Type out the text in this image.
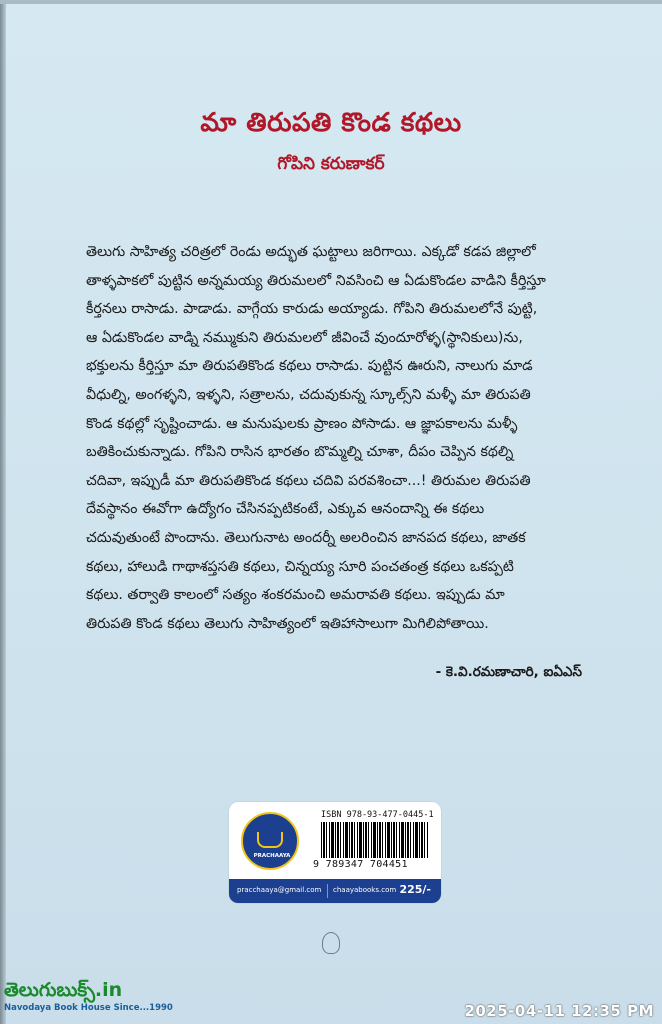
మా తిరుపతి కొండ కథలు
గోపిని కరుణాకర్
తెలుగు సాహిత్య చరిత్రలో రెండు అద్భుత ఘట్టాలు జరిగాయి. ఎక్కడో కడప జిల్లాలో
తాళ్ళపాకలో పుట్టిన అన్నమయ్య తిరుమలలో నివసించి ఆ ఏడుకొండల వాడిని కీర్తిస్తూ
కీర్తనలు రాసాడు. పాడాడు. వాగ్గేయ కారుడు అయ్యాడు. గోపిని తిరుమలలోనే పుట్టి,
ఆ ఏడుకొండల వాడ్ని నమ్ముకుని తిరుమలలో జీవించే వుందూరోళ్ళ(స్థానికులు)ను,
భక్తులను కీర్తిస్తూ మా తిరుపతికొండ కథలు రాసాడు. పుట్టిన ఊరుని, నాలుగు మాడ
వీధుల్ని, అంగళ్ళని, ఇళ్ళని, సత్రాలను, చదువుకున్న స్కూల్స్‌ని మళ్ళీ మా తిరుపతి
కొండ కథల్లో సృష్టించాడు. ఆ మనుషులకు ప్రాణం పోసాడు. ఆ జ్ఞాపకాలను మళ్ళీ
బతికించుకున్నాడు. గోపిని రాసిన భారతం బొమ్మల్ని చూశా, దీపం చెప్పిన కథల్ని
చదివా, ఇప్పుడీ మా తిరుపతికొండ కథలు చదివి పరవశించా...! తిరుమల తిరుపతి
దేవస్థానం ఈవోగా ఉద్యోగం చేసినప్పటికంటే, ఎక్కువ ఆనందాన్ని ఈ కథలు
చదువుతుంటే పొందాను. తెలుగునాట అందర్నీ అలరించిన జానపద కథలు, జాతక
కథలు, హాలుడి గాథాశప్తసతి కథలు, చిన్నయ్య సూరి పంచతంత్ర కథలు ఒకప్పటి
కథలు. తర్వాతి కాలంలో సత్యం శంకరమంచి అమరావతి కథలు. ఇప్పుడు మా
తిరుపతి కొండ కథలు తెలుగు సాహిత్యంలో ఇతిహాసాలుగా మిగిలిపోతాయి.
- కె.వి.రమణాచారి, ఐఏఎస్
PRACHAAYA
ISBN 978-93-477-0445-1
9 789347 704451
pracchaaya@gmail.com chaayabooks.com 225/-
తెలుగుబుక్స్.in
Navodaya Book House Since...1990	2025-04-11 12:35 PM
